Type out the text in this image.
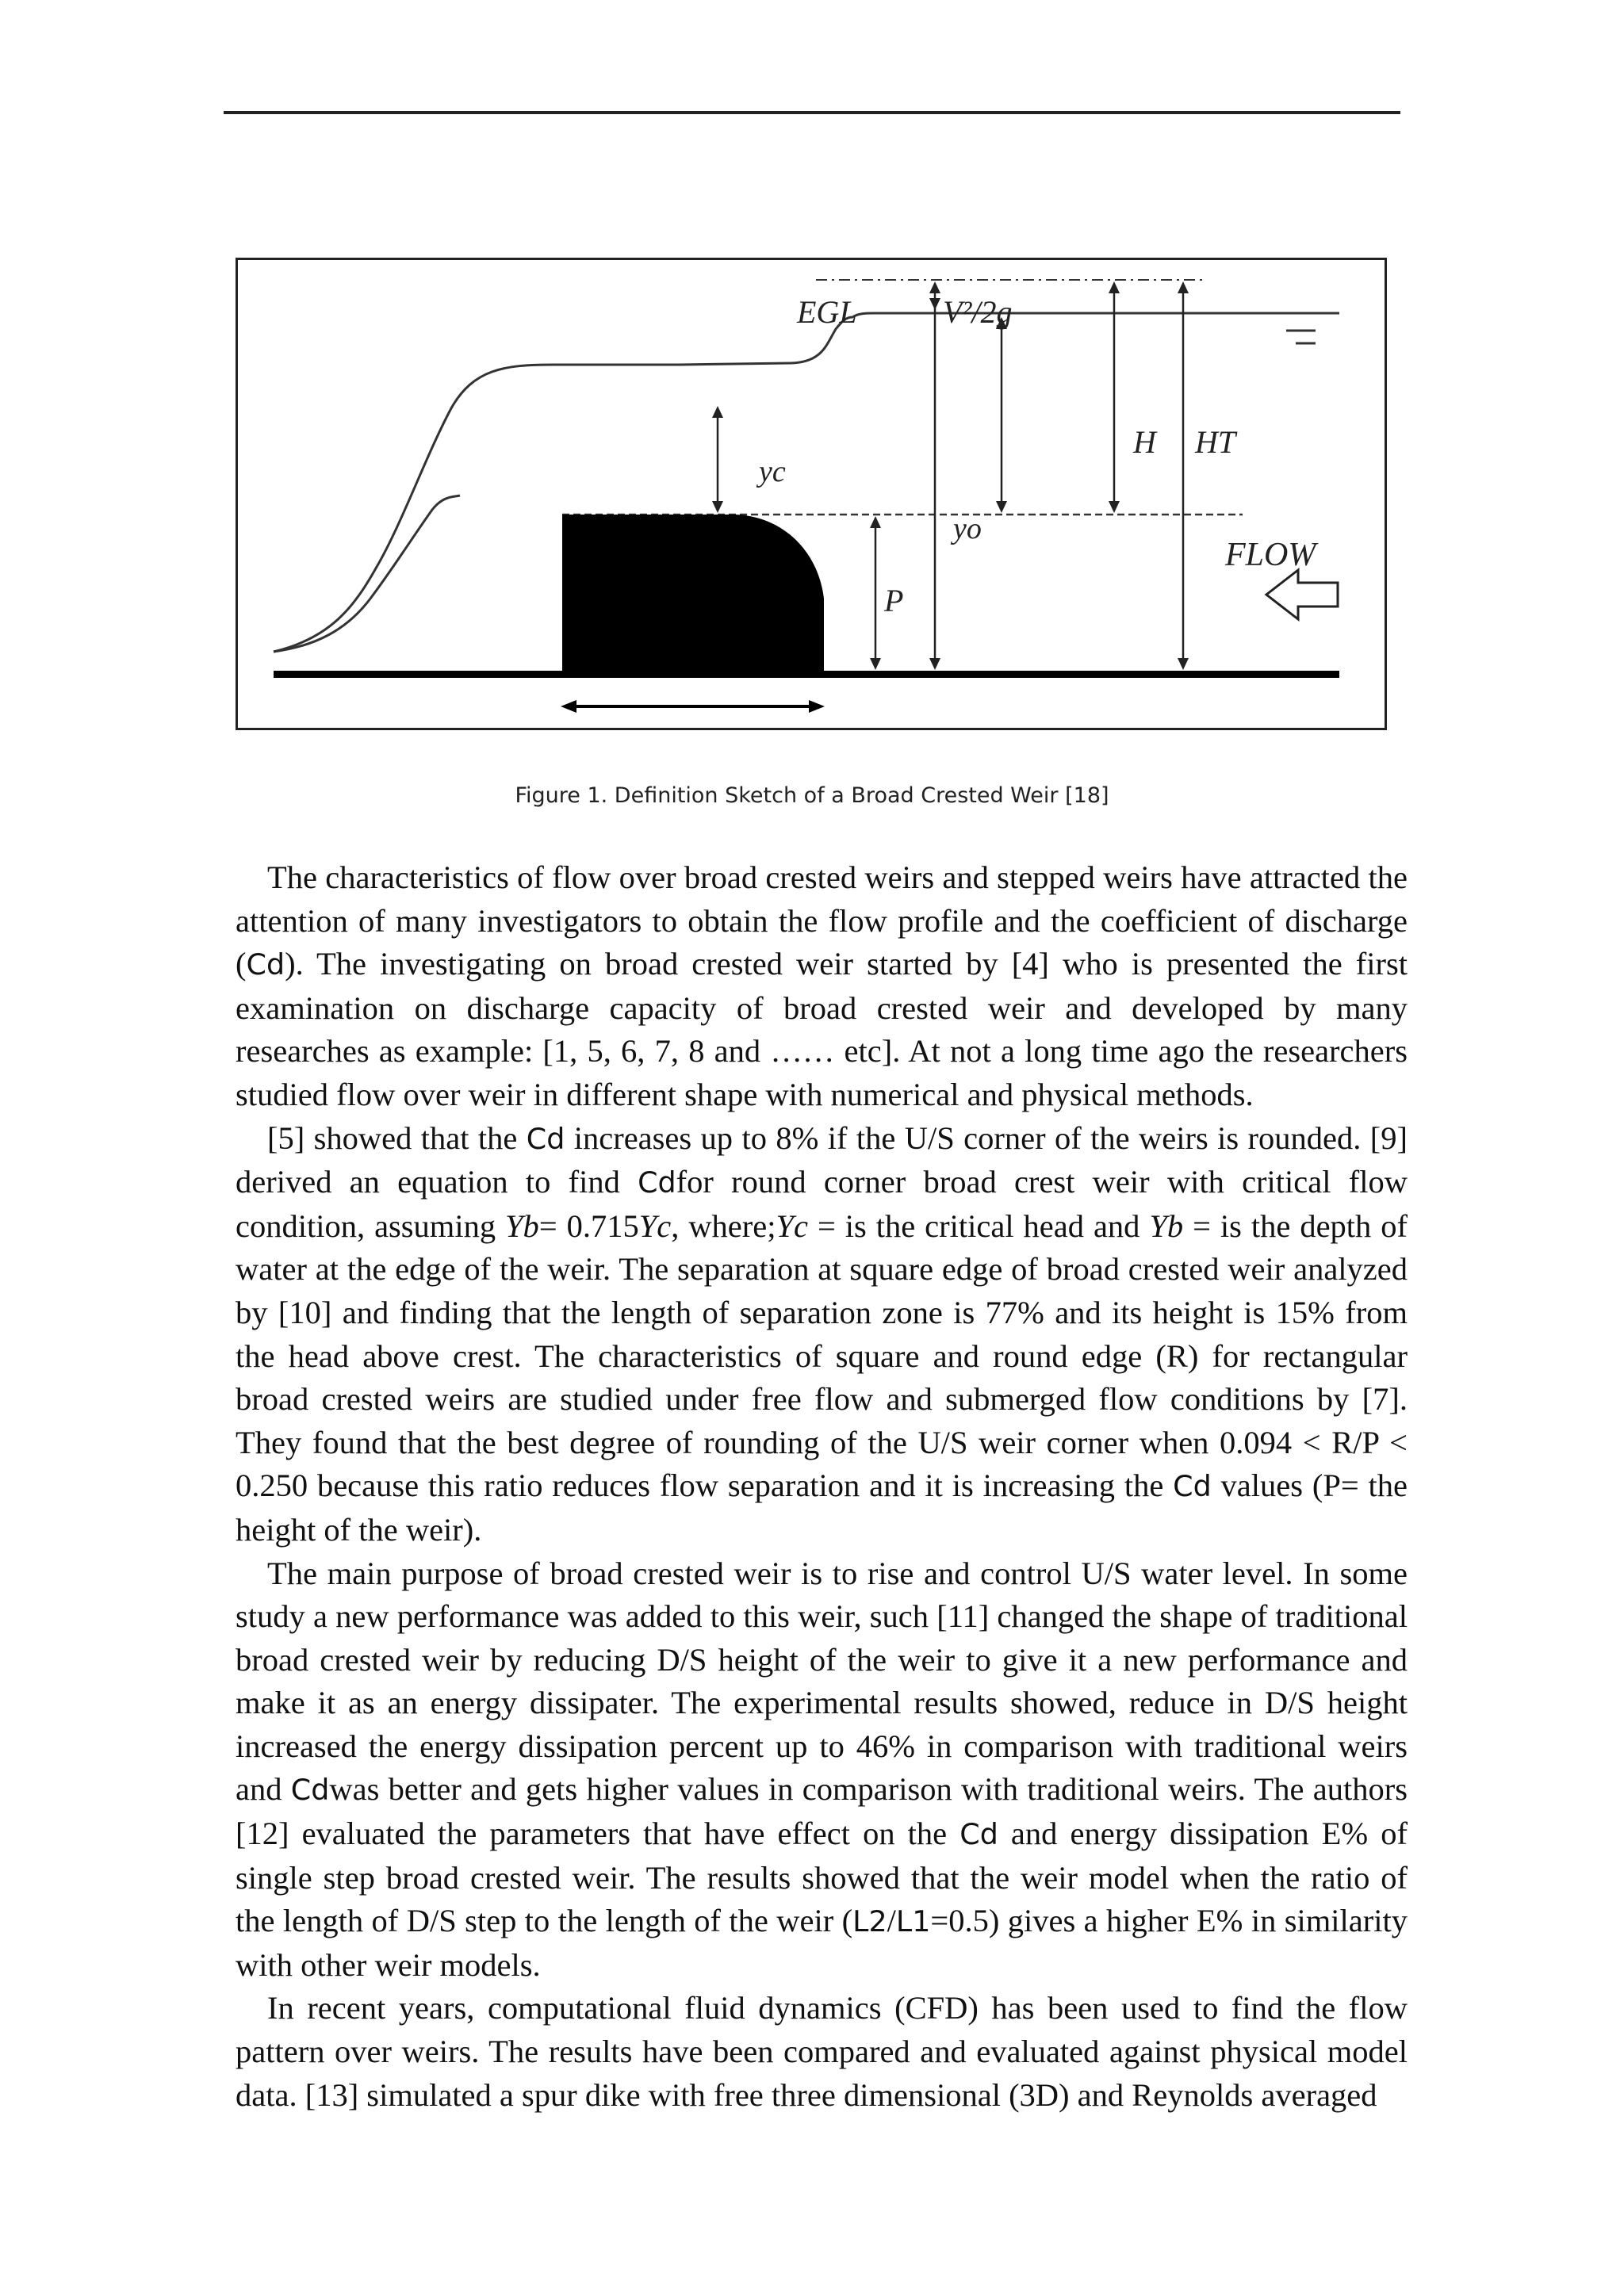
EGL	V²/2g
yc
yo
H HT
P
FLOW
Figure 1. Definition Sketch of a Broad Crested Weir [18]

The characteristics of flow over broad crested weirs and stepped weirs have attracted the attention of many investigators to obtain the flow profile and the coefficient of discharge (Cd). The investigating on broad crested weir started by [4] who is presented the first examination on discharge capacity of broad crested weir and developed by many researches as example: [1, 5, 6, 7, 8 and …… etc]. At not a long time ago the researchers studied flow over weir in different shape with numerical and physical methods.

[5] showed that the Cd increases up to 8% if the U/S corner of the weirs is rounded. [9] derived an equation to find Cdfor round corner broad crest weir with critical flow condition, assuming Yb= 0.715Yc, where;Yc = is the critical head and Yb = is the depth of water at the edge of the weir. The separation at square edge of broad crested weir analyzed by [10] and finding that the length of separation zone is 77% and its height is 15% from the head above crest. The characteristics of square and round edge (R) for rectangular broad crested weirs are studied under free flow and submerged flow conditions by [7]. They found that the best degree of rounding of the U/S weir corner when 0.094 < R/P < 0.250 because this ratio reduces flow separation and it is increasing the Cd values (P= the height of the weir).

The main purpose of broad crested weir is to rise and control U/S water level. In some study a new performance was added to this weir, such [11] changed the shape of traditional broad crested weir by reducing D/S height of the weir to give it a new performance and make it as an energy dissipater. The experimental results showed, reduce in D/S height increased the energy dissipation percent up to 46% in comparison with traditional weirs and Cdwas better and gets higher values in comparison with traditional weirs. The authors [12] evaluated the parameters that have effect on the Cd and energy dissipation E% of single step broad crested weir. The results showed that the weir model when the ratio of the length of D/S step to the length of the weir (L2/L1=0.5) gives a higher E% in similarity with other weir models.

In recent years, computational fluid dynamics (CFD) has been used to find the flow pattern over weirs. The results have been compared and evaluated against physical model data. [13] simulated a spur dike with free three dimensional (3D) and Reynolds averaged
